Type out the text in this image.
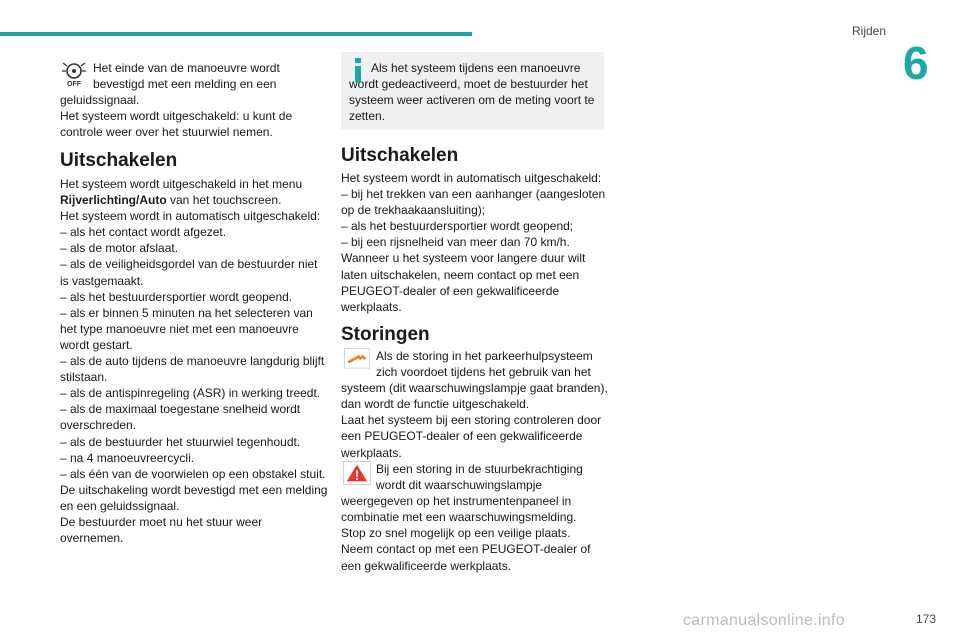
Rijden
6
OFF

Het einde van de manoeuvre wordt
bevestigd met een melding en een geluidssignaal.

Het systeem wordt uitgeschakeld: u kunt de controle weer over het stuurwiel nemen.

Uitschakelen

Het systeem wordt uitgeschakeld in het menu Rijverlichting/Auto van het touchscreen.

Het systeem wordt in automatisch uitgeschakeld:

– als het contact wordt afgezet.

– als de motor afslaat.

– als de veiligheidsgordel van de bestuurder niet is vastgemaakt.

– als het bestuurdersportier wordt geopend.

– als er binnen 5 minuten na het selecteren van het type manoeuvre niet met een manoeuvre wordt gestart.

– als de auto tijdens de manoeuvre langdurig blijft stilstaan.

– als de antispinregeling (ASR) in werking treedt.

– als de maximaal toegestane snelheid wordt overschreden.

– als de bestuurder het stuurwiel tegenhoudt.

– na 4 manoeuvreercycli.

– als één van de voorwielen op een obstakel stuit.

De uitschakeling wordt bevestigd met een melding en een geluidssignaal.

De bestuurder moet nu het stuur weer overnemen.

Als het systeem tijdens een manoeuvre wordt gedeactiveerd, moet de bestuurder het systeem weer activeren om de meting voort te zetten.
Uitschakelen

Het systeem wordt in automatisch uitgeschakeld:

– bij het trekken van een aanhanger (aangesloten op de trekhaakaansluiting);

– als het bestuurdersportier wordt geopend;

– bij een rijsnelheid van meer dan 70 km/h.

Wanneer u het systeem voor langere duur wilt laten uitschakelen, neem contact op met een PEUGEOT-dealer of een gekwalificeerde werkplaats.

Storingen

Als de storing in het parkeerhulpsysteem zich voordoet tijdens het gebruik van het systeem (dit waarschuwingslampje gaat branden), dan wordt de functie uitgeschakeld.

Laat het systeem bij een storing controleren door een PEUGEOT-dealer of een gekwalificeerde werkplaats.

Bij een storing in de stuurbekrachtiging wordt dit waarschuwingslampje weergegeven op het instrumentenpaneel in combinatie met een waarschuwingsmelding.

Stop zo snel mogelijk op een veilige plaats.

Neem contact op met een PEUGEOT-dealer of een gekwalificeerde werkplaats.

carmanualsonline.info	173
